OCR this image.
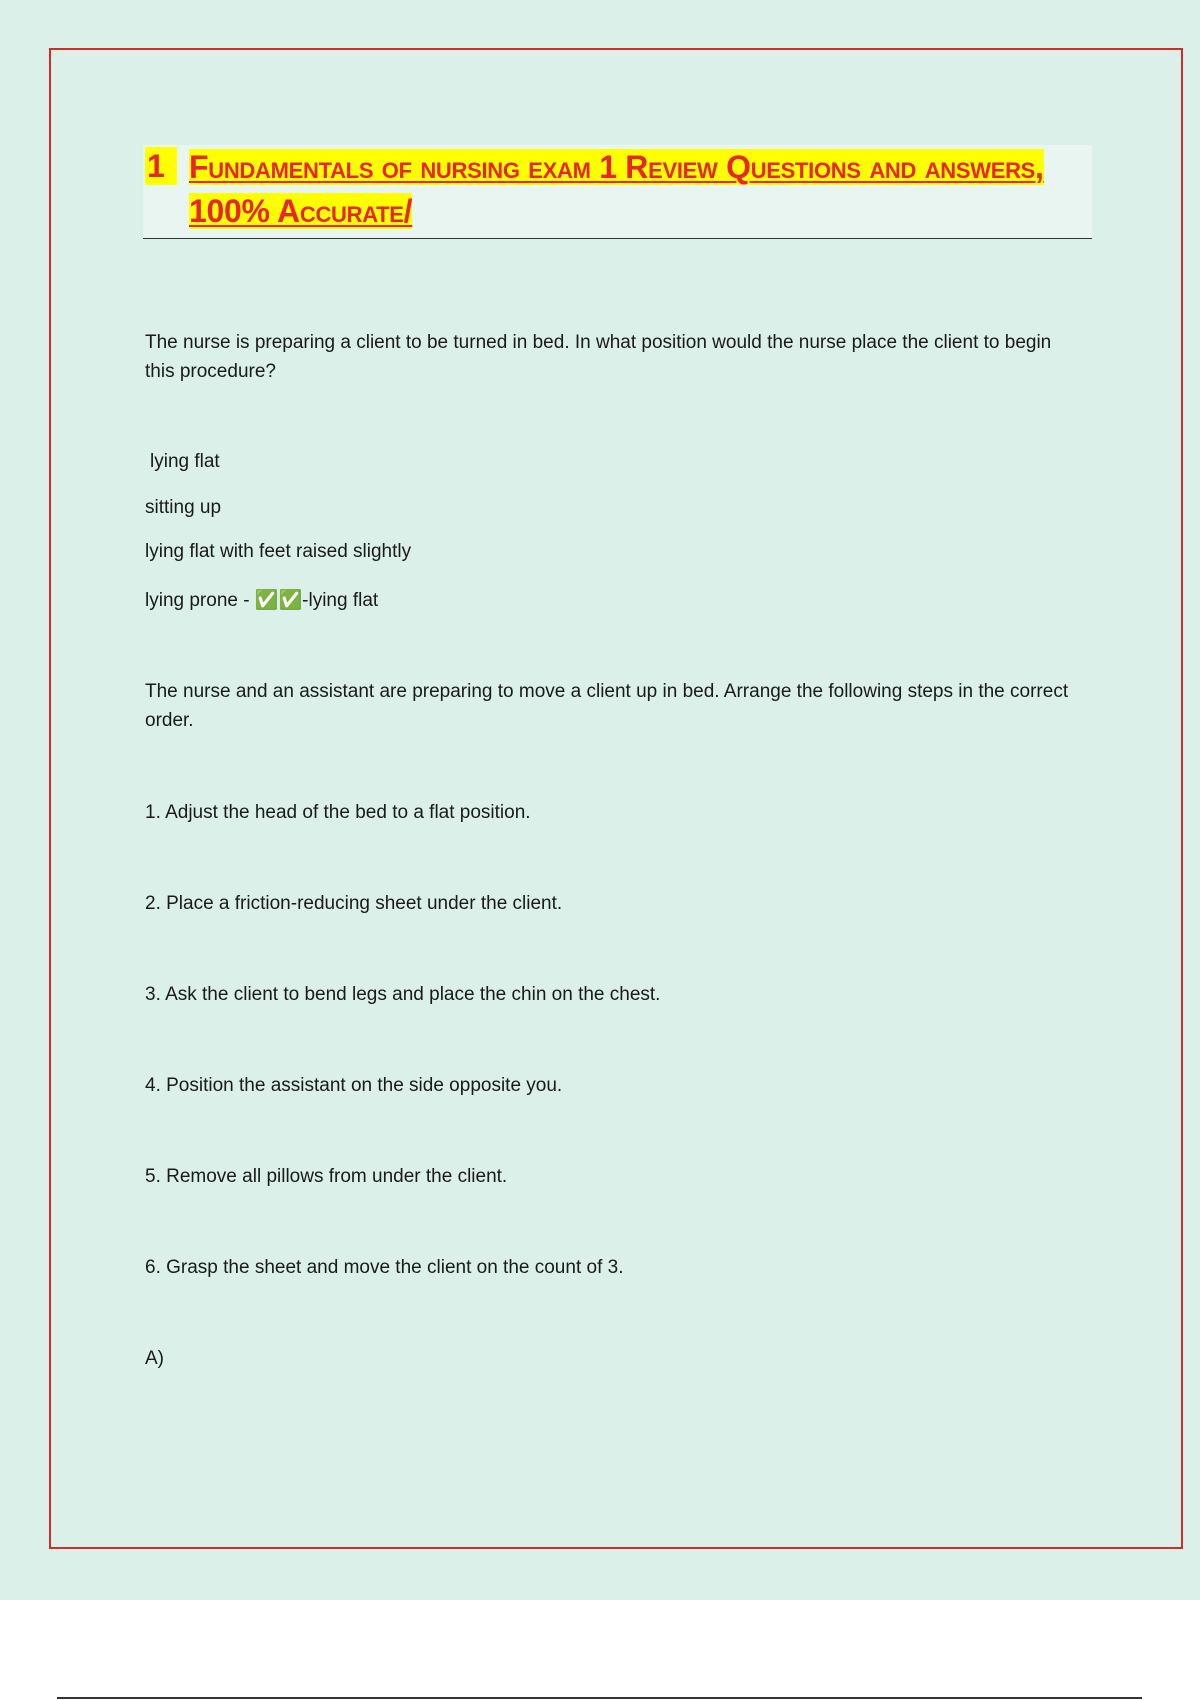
1 Fundamentals of nursing exam 1 Review Questions and answers, 100% Accurate/

The nurse is preparing a client to be turned in bed. In what position would the nurse place the client to begin this procedure?

lying flat

sitting up

lying flat with feet raised slightly

lying prone - ✅✅-lying flat

The nurse and an assistant are preparing to move a client up in bed. Arrange the following steps in the correct order.

1. Adjust the head of the bed to a flat position.

2. Place a friction-reducing sheet under the client.

3. Ask the client to bend legs and place the chin on the chest.

4. Position the assistant on the side opposite you.

5. Remove all pillows from under the client.

6. Grasp the sheet and move the client on the count of 3.

A)
